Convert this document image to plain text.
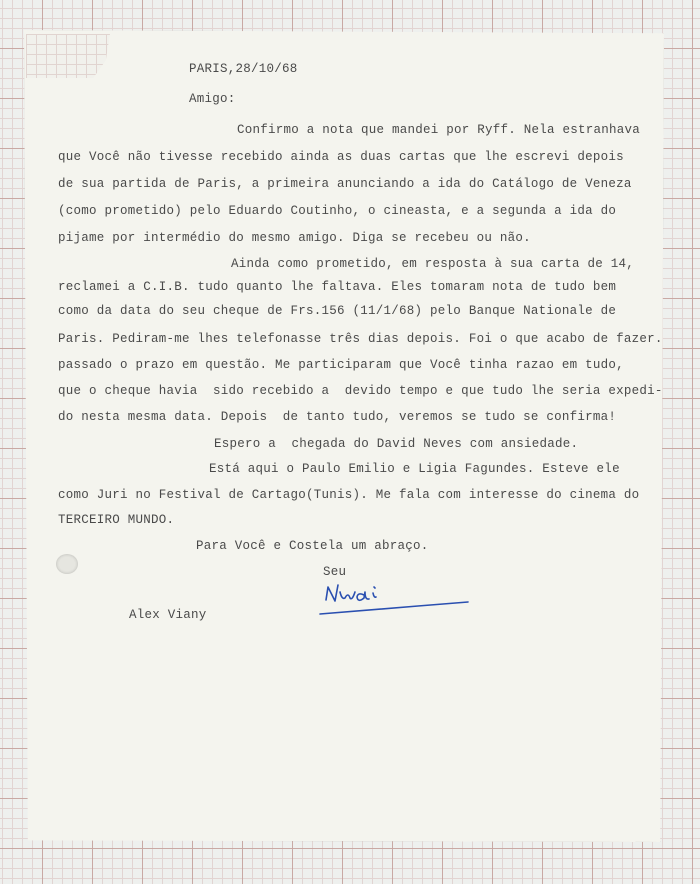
PARIS,28/10/68

Amigo:

Confirmo a nota que mandei por Ryff. Nela estranhava

que Você não tivesse recebido ainda as duas cartas que lhe escrevi depois

de sua partida de Paris, a primeira anunciando a ida do Catálogo de Veneza

(como prometido) pelo Eduardo Coutinho, o cineasta, e a segunda a ida do

pijame por intermédio do mesmo amigo. Diga se recebeu ou não.

Ainda como prometido, em resposta à sua carta de 14,

reclamei a C.I.B. tudo quanto lhe faltava. Eles tomaram nota de tudo bem

como da data do seu cheque de Frs.156 (11/1/68) pelo Banque Nationale de

Paris. Pediram-me lhes telefonasse três dias depois. Foi o que acabo de fazer.

passado o prazo em questão. Me participaram que Você tinha razao em tudo,

que o cheque havia  sido recebido a  devido tempo e que tudo lhe seria expedi-

do nesta mesma data. Depois  de tanto tudo, veremos se tudo se confirma!

Espero a  chegada do David Neves com ansiedade.

Está aqui o Paulo Emilio e Ligia Fagundes. Esteve ele

como Juri no Festival de Cartago(Tunis). Me fala com interesse do cinema do

TERCEIRO MUNDO.

Para Você e Costela um abraço.

Seu

Alex Viany
